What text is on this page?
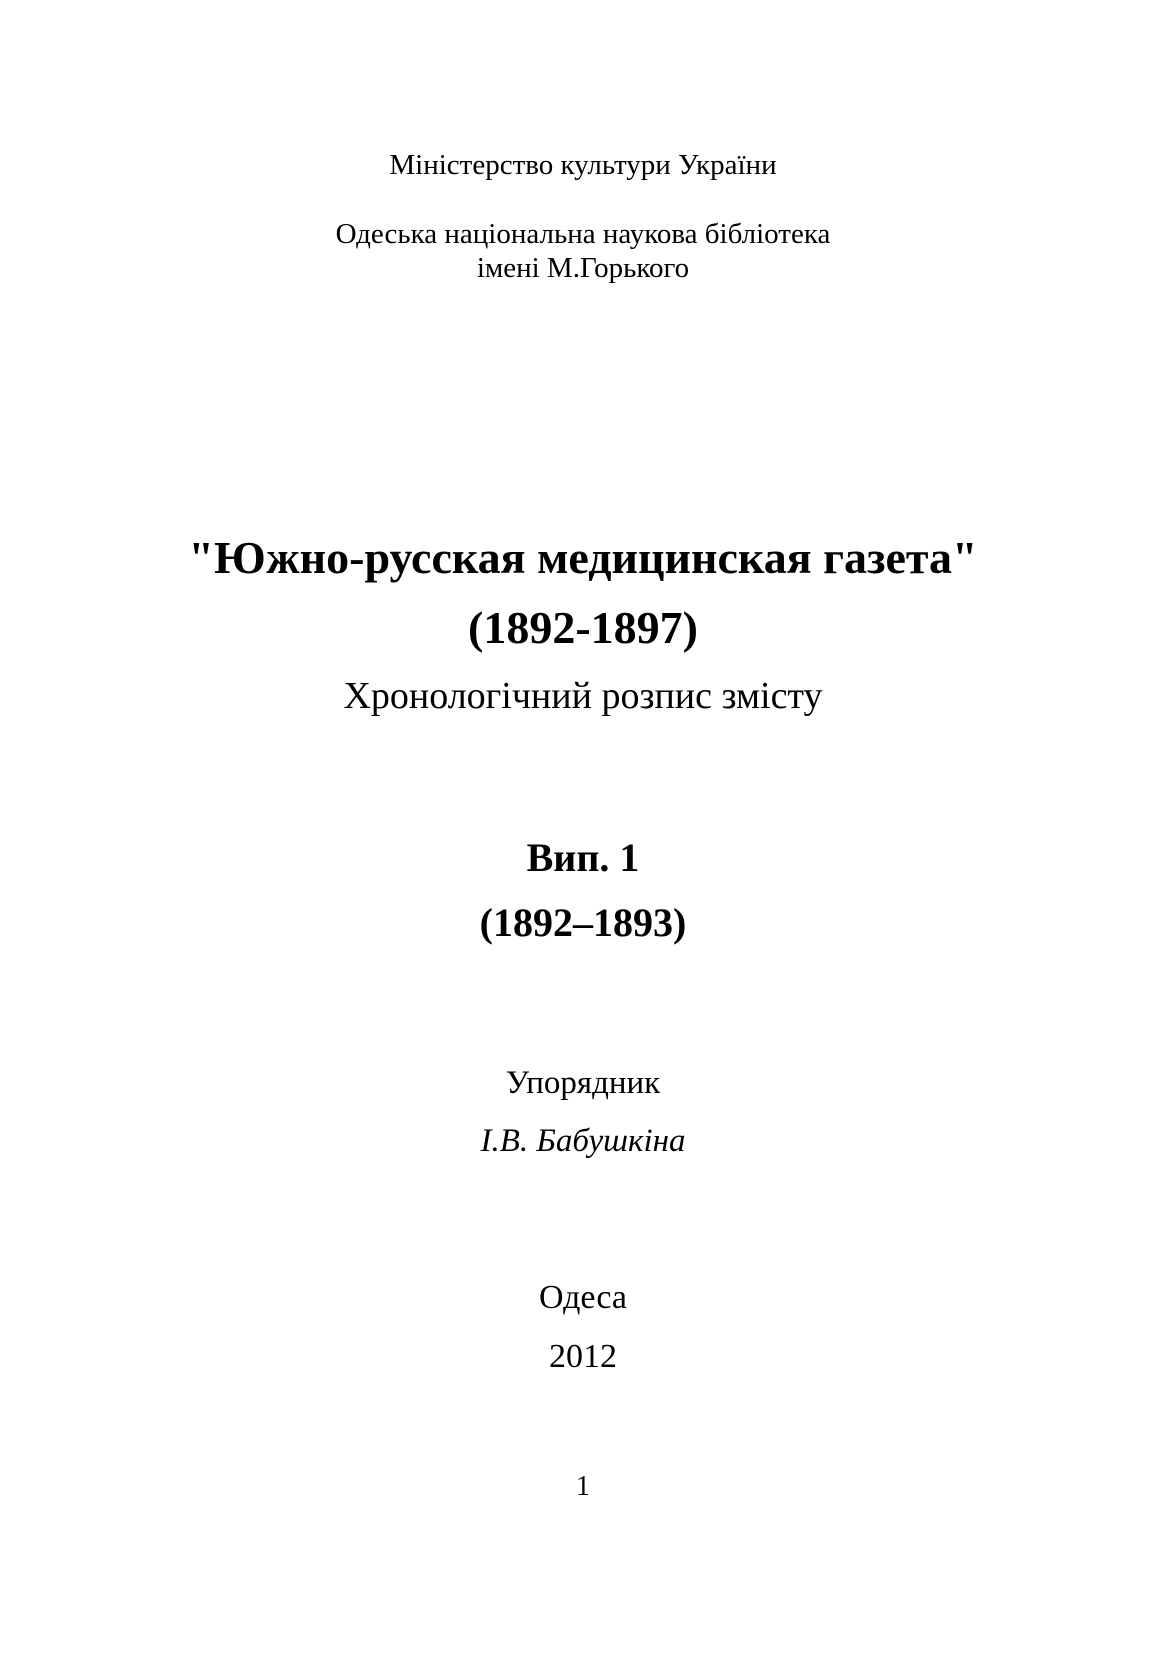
Міністерство культури України
Одеська національна наукова бібліотека
імені М.Горького
"Южно-русская медицинская газета"
(1892-1897)
Хронологічний розпис змісту
Вип. 1
(1892–1893)
Упорядник
І.В. Бабушкіна
Одеса
2012
1
